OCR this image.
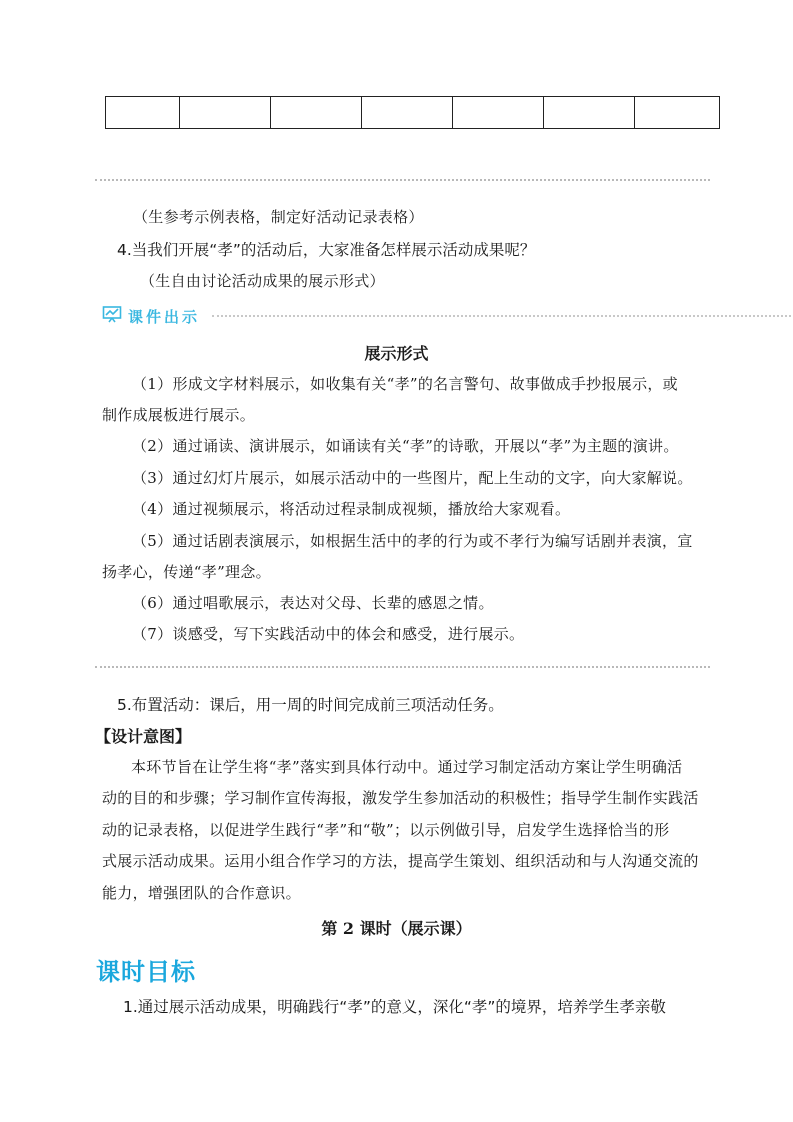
（生参考示例表格，制定好活动记录表格）
4.当我们开展“孝”的活动后，大家准备怎样展示活动成果呢？
（生自由讨论活动成果的展示形式）
课件出示
展示形式
（1）形成文字材料展示，如收集有关“孝”的名言警句、故事做成手抄报展示，或
制作成展板进行展示。
（2）通过诵读、演讲展示，如诵读有关“孝”的诗歌，开展以“孝”为主题的演讲。
（3）通过幻灯片展示，如展示活动中的一些图片，配上生动的文字，向大家解说。
（4）通过视频展示，将活动过程录制成视频，播放给大家观看。
（5）通过话剧表演展示，如根据生活中的孝的行为或不孝行为编写话剧并表演，宣
扬孝心，传递“孝”理念。
（6）通过唱歌展示，表达对父母、长辈的感恩之情。
（7）谈感受，写下实践活动中的体会和感受，进行展示。
5.布置活动：课后，用一周的时间完成前三项活动任务。
【设计意图】
本环节旨在让学生将“孝”落实到具体行动中。通过学习制定活动方案让学生明确活
动的目的和步骤；学习制作宣传海报，激发学生参加活动的积极性；指导学生制作实践活
动的记录表格，以促进学生践行“孝”和“敬”；以示例做引导，启发学生选择恰当的形
式展示活动成果。运用小组合作学习的方法，提高学生策划、组织活动和与人沟通交流的
能力，增强团队的合作意识。
第 2 课时（展示课）
课时目标
1.通过展示活动成果，明确践行“孝”的意义，深化“孝”的境界，培养学生孝亲敬
